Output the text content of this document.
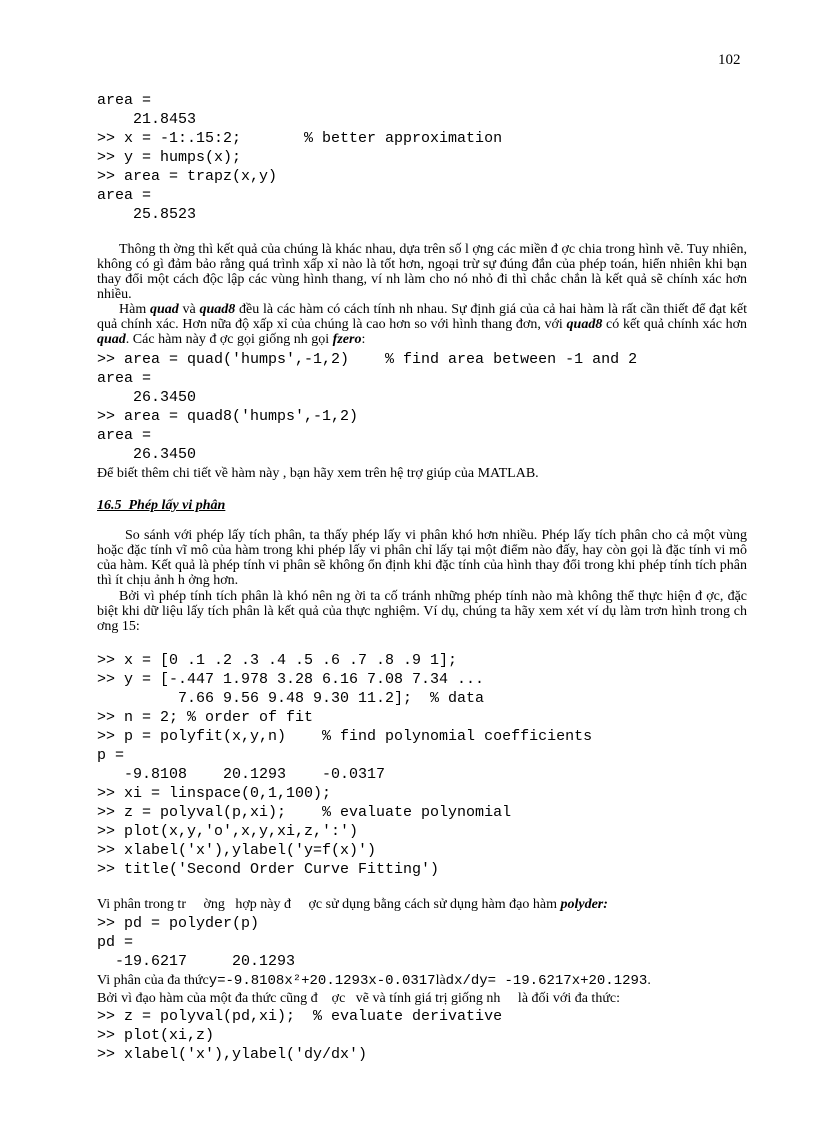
102
area =
21.8453
>> x = -1:.15:2;       % better approximation
>> y = humps(x);
>> area = trapz(x,y)
area =
25.8523
Thông th ờng thì kết quả của chúng là khác nhau, dựa trên số l ợng các miền đ ợc chia trong hình vẽ. Tuy nhiên, không có gì đảm bảo rằng quá trình xấp xỉ nào là tốt hơn, ngoại trừ sự đúng đắn của phép toán, hiển nhiên khi bạn thay đổi một cách độc lập các vùng hình thang, ví nh làm cho nó nhỏ đi thì chắc chắn là kết quả sẽ chính xác hơn nhiều.
Hàm quad và quad8 đều là các hàm có cách tính nh nhau. Sự định giá của cả hai hàm là rất cần thiết để đạt kết quả chính xác. Hơn nữa độ xấp xỉ của chúng là cao hơn so với hình thang đơn, với quad8 có kết quả chính xác hơn quad. Các hàm này đ ợc gọi giống nh gọi fzero:
>> area = quad('humps',-1,2)    % find area between -1 and 2
area =
26.3450
>> area = quad8('humps',-1,2)
area =
26.3450
Để biết thêm chi tiết về hàm này , bạn hãy xem trên hệ trợ giúp của MATLAB.
16.5  Phép lấy vi phân
So sánh với phép lấy tích phân, ta thấy phép lấy vi phân khó hơn nhiều. Phép lấy tích phân cho cả một vùng hoặc đặc tính vĩ mô của hàm trong khi phép lấy vi phân chỉ lấy tại một điểm nào đấy, hay còn gọi là đặc tính vi mô của hàm. Kết quả là phép tính vi phân sẽ không ổn định khi đặc tính của hình thay đổi trong khi phép tính tích phân thì ít chịu ảnh h ởng hơn.
Bởi vì phép tính tích phân là khó nên ng ời ta cố tránh những phép tính nào mà không thể thực hiện đ ợc, đặc biệt khi dữ liệu lấy tích phân là kết quả của thực nghiệm. Ví dụ, chúng ta hãy xem xét ví dụ làm trơn hình trong ch ơng 15:
>> x = [0 .1 .2 .3 .4 .5 .6 .7 .8 .9 1];
>> y = [-.447 1.978 3.28 6.16 7.08 7.34 ...
7.66 9.56 9.48 9.30 11.2];  % data
>> n = 2; % order of fit
>> p = polyfit(x,y,n)    % find polynomial coefficients
p =
-9.8108    20.1293    -0.0317
>> xi = linspace(0,1,100);
>> z = polyval(p,xi);    % evaluate polynomial
>> plot(x,y,'o',x,y,xi,z,':')
>> xlabel('x'),ylabel('y=f(x)')
>> title('Second Order Curve Fitting')
Vi phân trong tr     ờng   hợp này đ     ợc sử dụng bằng cách sử dụng hàm đạo hàm polyder:
>> pd = polyder(p)
pd =
-19.6217     20.1293
Vi phân của đa thứcy=-9.8108x²+20.1293x-0.0317làdx/dy= -19.6217x+20.1293.
Bởi vì đạo hàm của một đa thức cũng đ    ợc   vẽ và tính giá trị giống nh     là đối với đa thức:
>> z = polyval(pd,xi);  % evaluate derivative
>> plot(xi,z)
>> xlabel('x'),ylabel('dy/dx')
